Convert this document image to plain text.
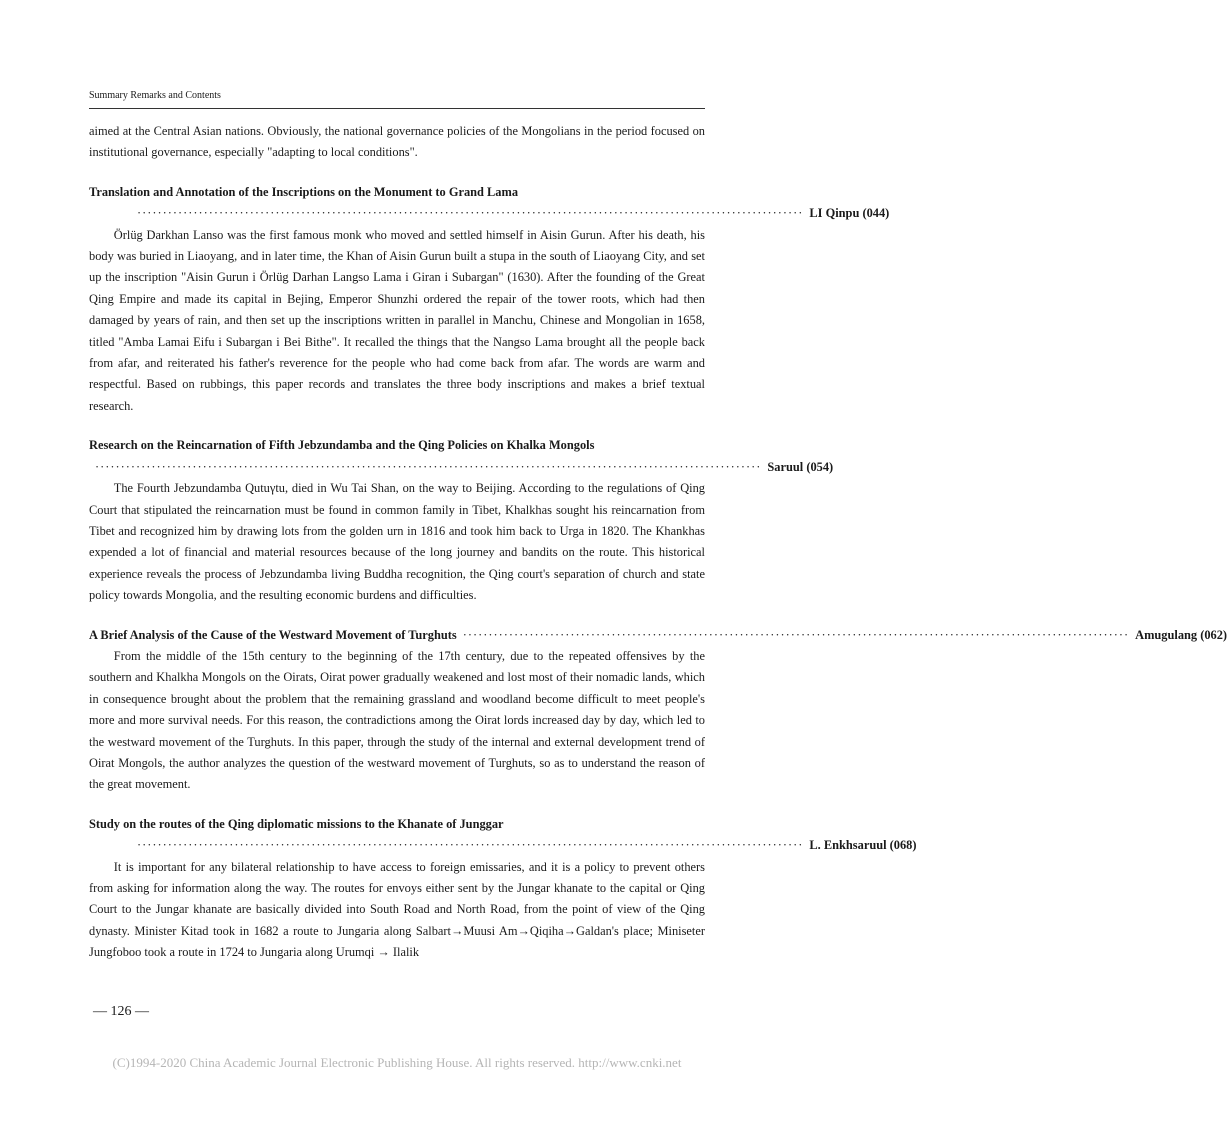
Summary Remarks and Contents

aimed at the Central Asian nations. Obviously, the national governance policies of the Mongolians in the period focused on institutional governance, especially "adapting to local conditions".

Translation and Annotation of the Inscriptions on the Monument to Grand Lama

·································································································································· LI Qinpu (044)

Örlüg Darkhan Lanso was the first famous monk who moved and settled himself in Aisin Gurun. After his death, his body was buried in Liaoyang, and in later time, the Khan of Aisin Gurun built a stupa in the south of Liaoyang City, and set up the inscription "Aisin Gurun i Örlüg Darhan Langso Lama i Giran i Subargan" (1630). After the founding of the Great Qing Empire and made its capital in Bejing, Emperor Shunzhi ordered the repair of the tower roots, which had then damaged by years of rain, and then set up the inscriptions written in parallel in Manchu, Chinese and Mongolian in 1658, titled "Amba Lamai Eifu i Subargan i Bei Bithe". It recalled the things that the Nangso Lama brought all the people back from afar, and reiterated his father's reverence for the people who had come back from afar. The words are warm and respectful. Based on rubbings, this paper records and translates the three body inscriptions and makes a brief textual research.

Research on the Reincarnation of Fifth Jebzundamba and the Qing Policies on Khalka Mongols

·································································································································· Saruul (054)

The Fourth Jebzundamba Qutuγtu, died in Wu Tai Shan, on the way to Beijing. According to the regulations of Qing Court that stipulated the reincarnation must be found in common family in Tibet, Khalkhas sought his reincarnation from Tibet and recognized him by drawing lots from the golden urn in 1816 and took him back to Urga in 1820. The Khankhas expended a lot of financial and material resources because of the long journey and bandits on the route. This historical experience reveals the process of Jebzundamba living Buddha recognition, the Qing court's separation of church and state policy towards Mongolia, and the resulting economic burdens and difficulties.

A Brief Analysis of the Cause of the Westward Movement of Turghuts ·································································································································· Amugulang (062)

From the middle of the 15th century to the beginning of the 17th century, due to the repeated offensives by the southern and Khalkha Mongols on the Oirats, Oirat power gradually weakened and lost most of their nomadic lands, which in consequence brought about the problem that the remaining grassland and woodland become difficult to meet people's more and more survival needs. For this reason, the contradictions among the Oirat lords increased day by day, which led to the westward movement of the Turghuts. In this paper, through the study of the internal and external development trend of Oirat Mongols, the author analyzes the question of the westward movement of Turghuts, so as to understand the reason of the great movement.

Study on the routes of the Qing diplomatic missions to the Khanate of Junggar

·································································································································· L. Enkhsaruul (068)

It is important for any bilateral relationship to have access to foreign emissaries, and it is a policy to prevent others from asking for information along the way. The routes for envoys either sent by the Jungar khanate to the capital or Qing Court to the Jungar khanate are basically divided into South Road and North Road, from the point of view of the Qing dynasty. Minister Kitad took in 1682 a route to Jungaria along Salbart→Muusi Am→Qiqiha→Galdan's place; Miniseter Jungfoboo took a route in 1724 to Jungaria along Urumqi → Ilalik

— 126 —
(C)1994-2020 China Academic Journal Electronic Publishing House. All rights reserved. http://www.cnki.net
